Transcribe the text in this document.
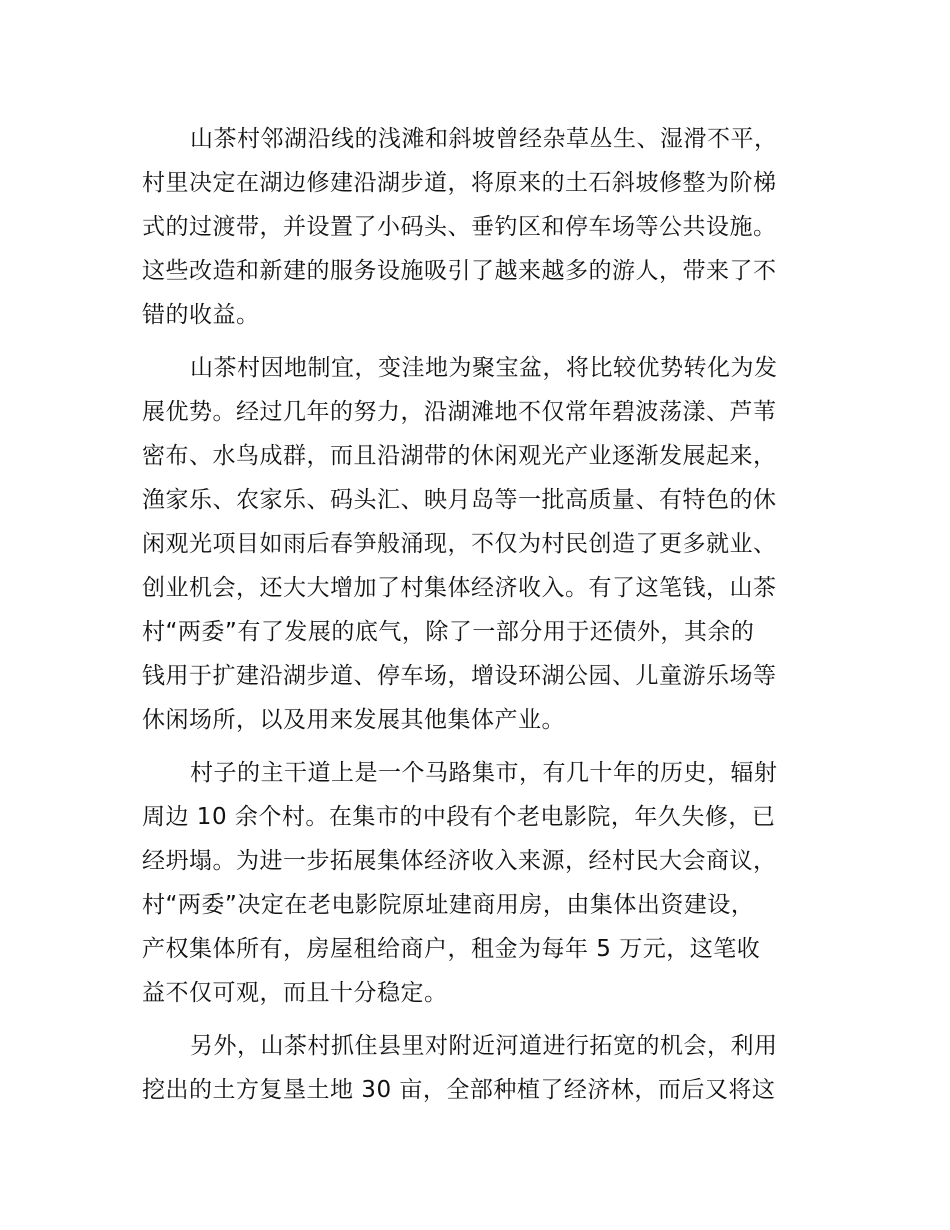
山茶村邻湖沿线的浅滩和斜坡曾经杂草丛生、湿滑不平，
村里决定在湖边修建沿湖步道，将原来的土石斜坡修整为阶梯
式的过渡带，并设置了小码头、垂钓区和停车场等公共设施。
这些改造和新建的服务设施吸引了越来越多的游人，带来了不
错的收益。

山茶村因地制宜，变洼地为聚宝盆，将比较优势转化为发
展优势。经过几年的努力，沿湖滩地不仅常年碧波荡漾、芦苇
密布、水鸟成群，而且沿湖带的休闲观光产业逐渐发展起来，
渔家乐、农家乐、码头汇、映月岛等一批高质量、有特色的休
闲观光项目如雨后春笋般涌现，不仅为村民创造了更多就业、
创业机会，还大大增加了村集体经济收入。有了这笔钱，山茶
村“两委”有了发展的底气，除了一部分用于还债外，其余的
钱用于扩建沿湖步道、停车场，增设环湖公园、儿童游乐场等
休闲场所，以及用来发展其他集体产业。

村子的主干道上是一个马路集市，有几十年的历史，辐射
周边 10 余个村。在集市的中段有个老电影院，年久失修，已
经坍塌。为进一步拓展集体经济收入来源，经村民大会商议，
村“两委”决定在老电影院原址建商用房，由集体出资建设，
产权集体所有，房屋租给商户，租金为每年 5 万元，这笔收
益不仅可观，而且十分稳定。

另外，山茶村抓住县里对附近河道进行拓宽的机会，利用
挖出的土方复垦土地 30 亩，全部种植了经济林，而后又将这
